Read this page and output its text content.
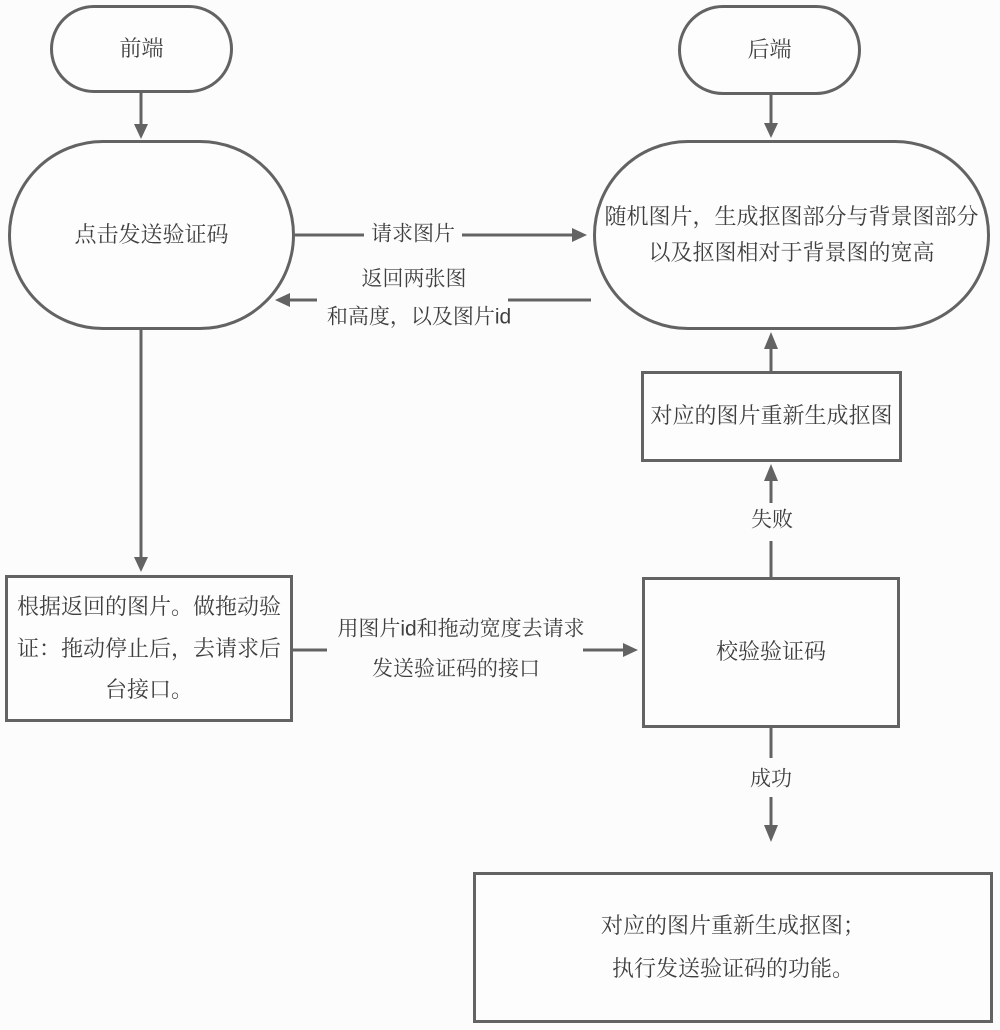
前端	后端
点击发送验证码
随机图片，生成抠图部分与背景图部分
以及抠图相对于背景图的宽高
对应的图片重新生成抠图
根据返回的图片。做拖动验
证：拖动停止后，去请求后
台接口。
校验验证码
对应的图片重新生成抠图；
执行发送验证码的功能。
请求图片
返回两张图
和高度，以及图片id
用图片id和拖动宽度去请求
发送验证码的接口
失败
成功
